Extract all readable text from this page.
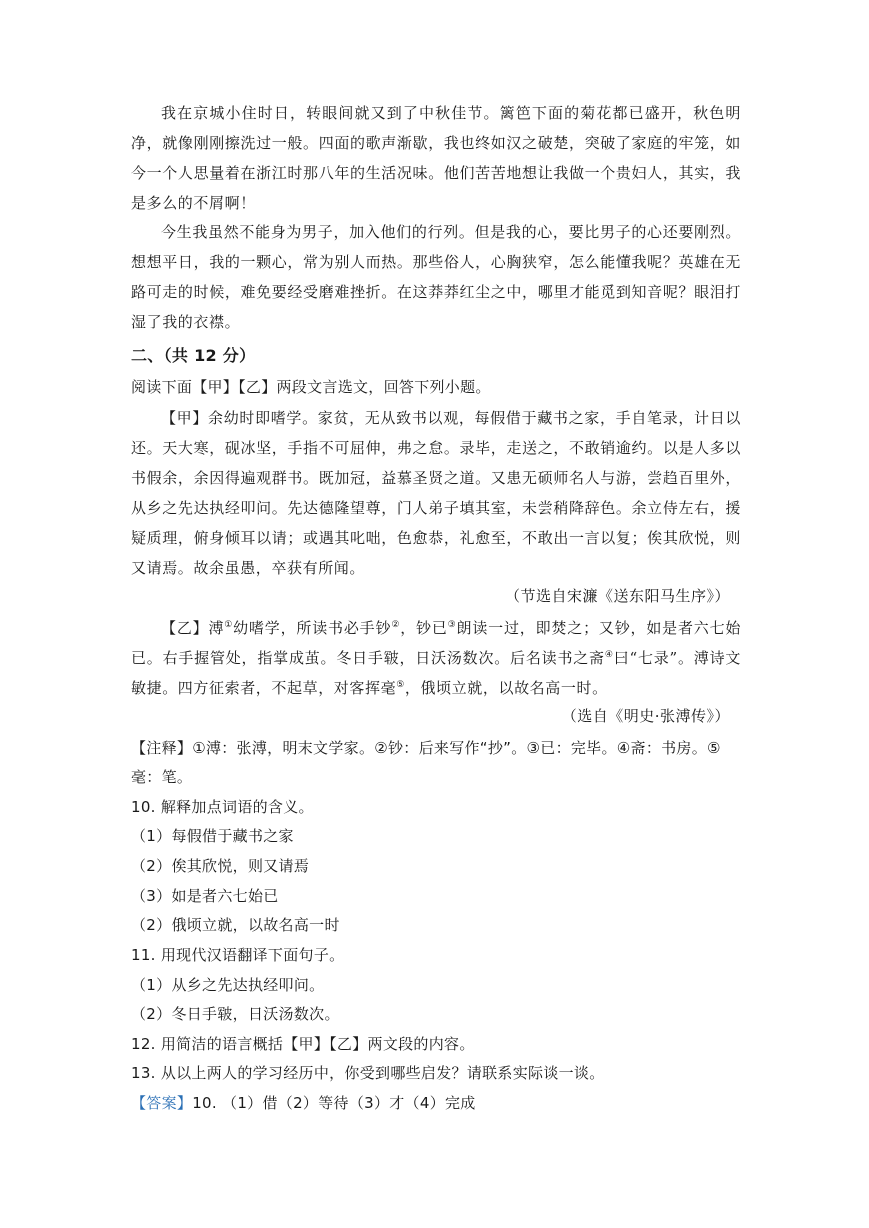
我在京城小住时日，转眼间就又到了中秋佳节。篱笆下面的菊花都已盛开，秋色明净，就像刚刚擦洗过一般。四面的歌声渐歇，我也终如汉之破楚，突破了家庭的牢笼，如今一个人思量着在浙江时那八年的生活况味。他们苦苦地想让我做一个贵妇人，其实，我是多么的不屑啊！

今生我虽然不能身为男子，加入他们的行列。但是我的心，要比男子的心还要刚烈。想想平日，我的一颗心，常为别人而热。那些俗人，心胸狭窄，怎么能懂我呢？英雄在无路可走的时候，难免要经受磨难挫折。在这莽莽红尘之中，哪里才能觅到知音呢？眼泪打湿了我的衣襟。

二、（共 12 分）

阅读下面【甲】【乙】两段文言选文，回答下列小题。

【甲】余幼时即嗜学。家贫，无从致书以观，每假借于藏书之家，手自笔录，计日以还。天大寒，砚冰坚，手指不可屈伸，弗之怠。录毕，走送之，不敢销逾约。以是人多以书假余，余因得遍观群书。既加冠，益慕圣贤之道。又患无硕师名人与游，尝趋百里外，从乡之先达执经叩问。先达德隆望尊，门人弟子填其室，未尝稍降辞色。余立侍左右，援疑质理，俯身倾耳以请；或遇其叱咄，色愈恭，礼愈至，不敢出一言以复；俟其欣悦，则又请焉。故余虽愚，卒获有所闻。

（节选自宋濂《送东阳马生序》）

【乙】溥①幼嗜学，所读书必手钞②，钞已③朗读一过，即焚之；又钞，如是者六七始已。右手握管处，指掌成茧。冬日手皲，日沃汤数次。后名读书之斋④曰“七录”。溥诗文敏捷。四方征索者，不起草，对客挥毫⑤，俄顷立就，以故名高一时。

（选自《明史·张溥传》）

【注释】①溥：张溥，明末文学家。②钞：后来写作“抄”。③已：完毕。④斋：书房。⑤

毫：笔。

10. 解释加点词语的含义。

（1）每假借于藏书之家

（2）俟其欣悦，则又请焉

（3）如是者六七始已

（2）俄顷立就，以故名高一时

11. 用现代汉语翻译下面句子。

（1）从乡之先达执经叩问。

（2）冬日手皲，日沃汤数次。

12. 用简洁的语言概括【甲】【乙】两文段的内容。

13. 从以上两人的学习经历中，你受到哪些启发？请联系实际谈一谈。

【答案】10. （1）借（2）等待（3）才（4）完成
